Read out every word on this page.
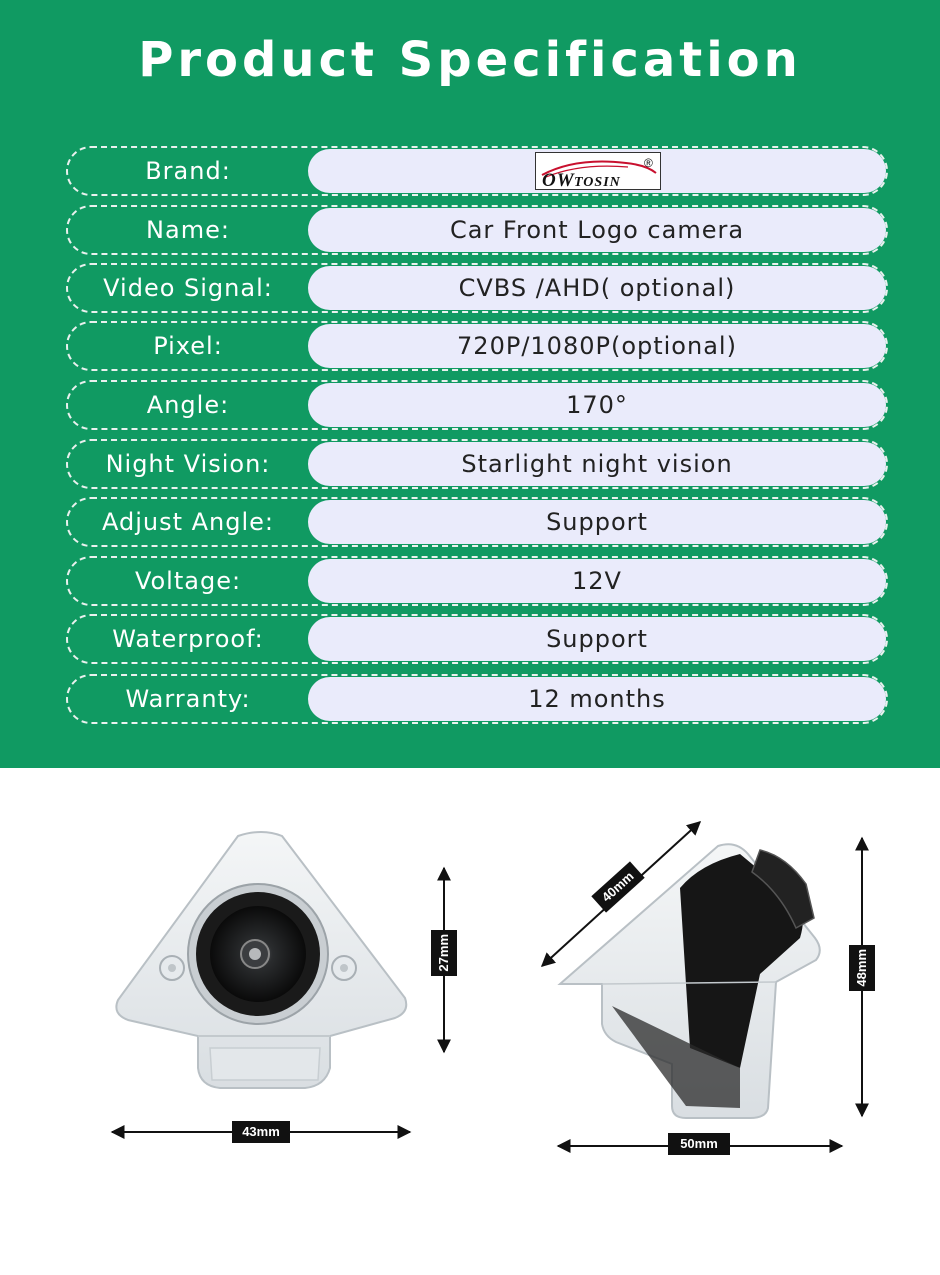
Product Specification
Brand:	OW TOSIN
®
Name:	Car Front Logo camera
Video Signal:	CVBS /AHD( optional)
Pixel:	720P/1080P(optional)
Angle:	170°
Night Vision:	Starlight night vision
Adjust Angle:	Support
Voltage:	12V
Waterproof:	Support
Warranty:	12 months
43mm
27mm
50mm
48mm
40mm
